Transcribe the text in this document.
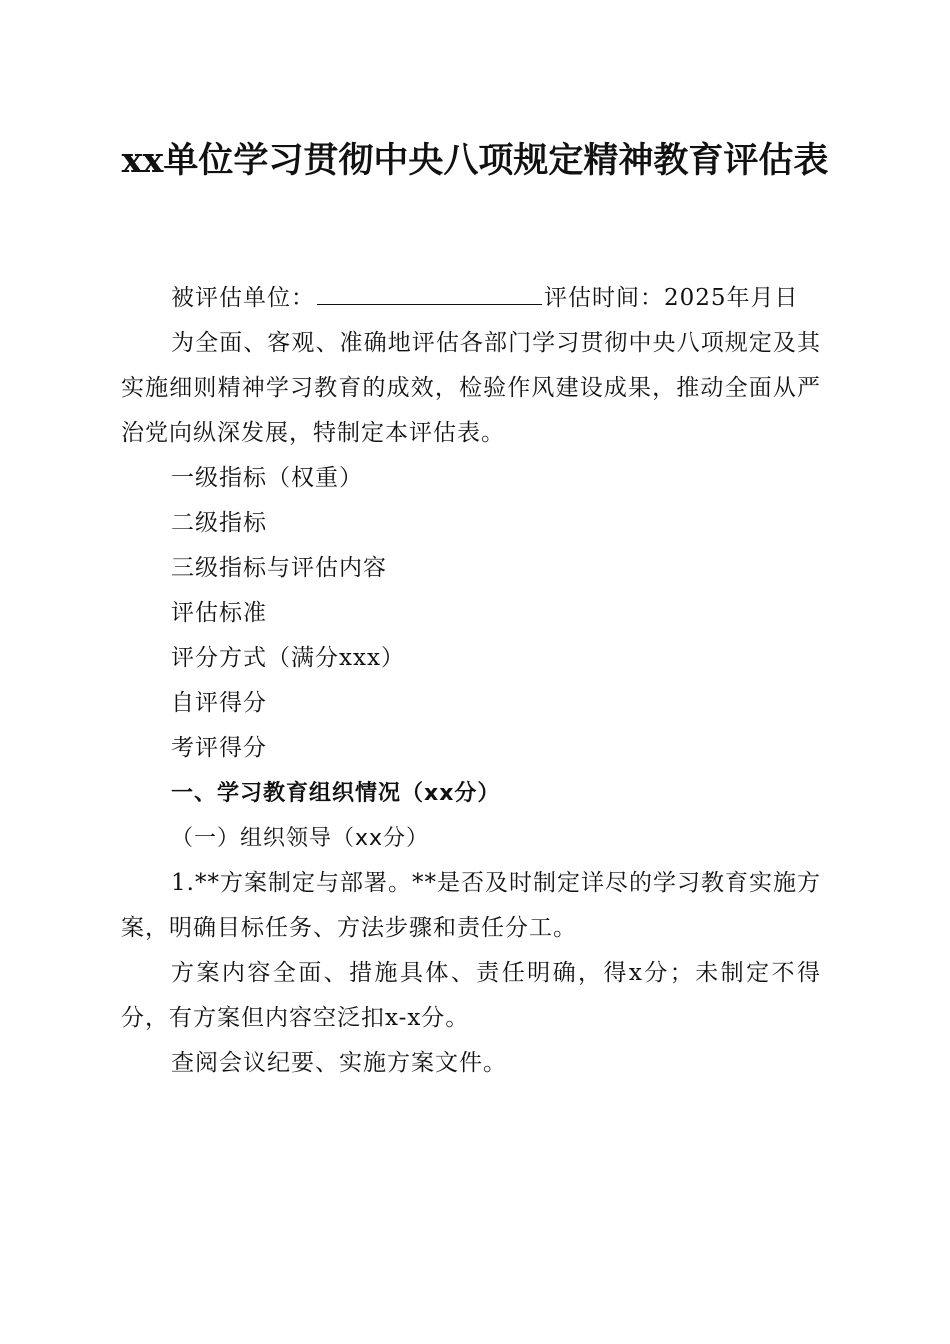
xx单位学习贯彻中央八项规定精神教育评估表

被评估单位：	评估时间：2025年月日

为全面、客观、准确地评估各部门学习贯彻中央八项规定及其实施细则精神学习教育的成效，检验作风建设成果，推动全面从严治党向纵深发展，特制定本评估表。

一级指标（权重）

二级指标

三级指标与评估内容

评估标准

评分方式（满分xxx）

自评得分

考评得分

一、学习教育组织情况（xx分）

（一）组织领导（xx分）

1.**方案制定与部署。**是否及时制定详尽的学习教育实施方案，明确目标任务、方法步骤和责任分工。

方案内容全面、措施具体、责任明确，得x分；未制定不得分，有方案但内容空泛扣x-x分。

查阅会议纪要、实施方案文件。
